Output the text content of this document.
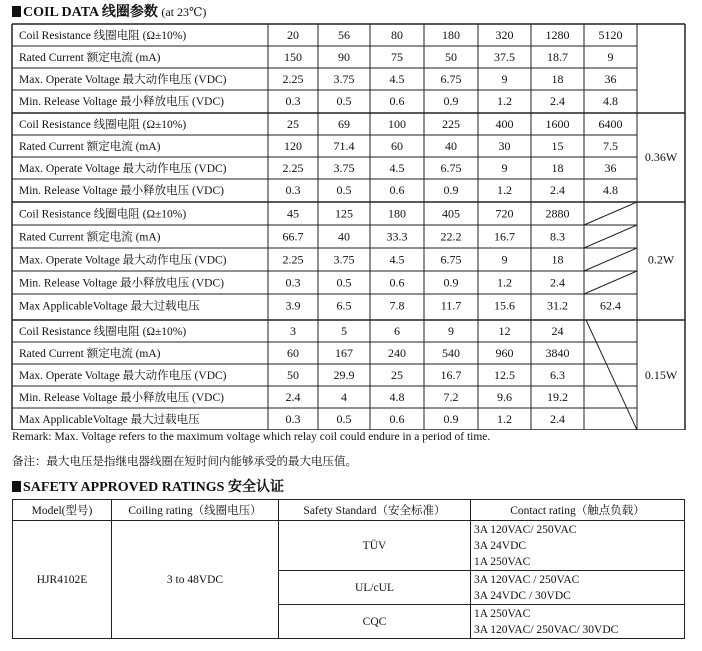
COIL DATA 线圈参数 (at 23℃)
Coil Resistance 线圈电阻 (Ω±10%)	20	56	80	180	320	1280 5120
Rated Current 额定电流 (mA)	150	90	75	50	37.5	18.7	9
Max. Operate Voltage 最大动作电压 (VDC)	2.25	3.75	4.5	6.75	9	18	36
Min. Release Voltage 最小释放电压 (VDC)	0.3	0.5	0.6	0.9	1.2	2.4	4.8
Coil Resistance 线圈电阻 (Ω±10%)	25	69	100	225	400	1600 6400
Rated Current 额定电流 (mA)	120	71.4	60	40	30	15	7.5
Max. Operate Voltage 最大动作电压 (VDC)	2.25	3.75	4.5	6.75	9	18	36
Min. Release Voltage 最小释放电压 (VDC)	0.3	0.5	0.6	0.9	1.2	2.4	4.8
0.36W
Coil Resistance 线圈电阻 (Ω±10%)	45	125	180	405	720	2880
Rated Current 额定电流 (mA)	66.7	40	33.3	22.2	16.7	8.3
Max. Operate Voltage 最大动作电压 (VDC)	2.25	3.75	4.5	6.75	9	18
Min. Release Voltage 最小释放电压 (VDC)	0.3	0.5	0.6	0.9	1.2	2.4
Max ApplicableVoltage 最大过载电压	3.9	6.5	7.8	11.7	15.6	31.2	62.4
0.2W
Coil Resistance 线圈电阻 (Ω±10%)	3	5	6	9	12	24
Rated Current 额定电流 (mA)	60	167	240	540	960	3840
Max. Operate Voltage 最大动作电压 (VDC)	50	29.9	25	16.7	12.5	6.3
Min. Release Voltage 最小释放电压 (VDC)	2.4	4	4.8	7.2	9.6	19.2
Max ApplicableVoltage 最大过载电压	0.3	0.5	0.6	0.9	1.2	2.4
0.15W
Remark: Max. Voltage refers to the maximum voltage which relay coil could endure in a period of time.
备注：最大电压是指继电器线圈在短时间内能够承受的最大电压值。
SAFETY APPROVED RATINGS 安全认证
Model(型号)	Coiling rating（线圈电压）	Safety Standard（安全标准）	Contact rating（触点负载）
HJR4102E	3 to 48VDC	TÜV	3A 120VAC/ 250VAC
3A 24VDC
1A 250VAC

		UL/cUL	3A 120VAC / 250VAC
3A 24VDC / 30VDC

		CQC	1A 250VAC
3A 120VAC/ 250VAC/ 30VDC
